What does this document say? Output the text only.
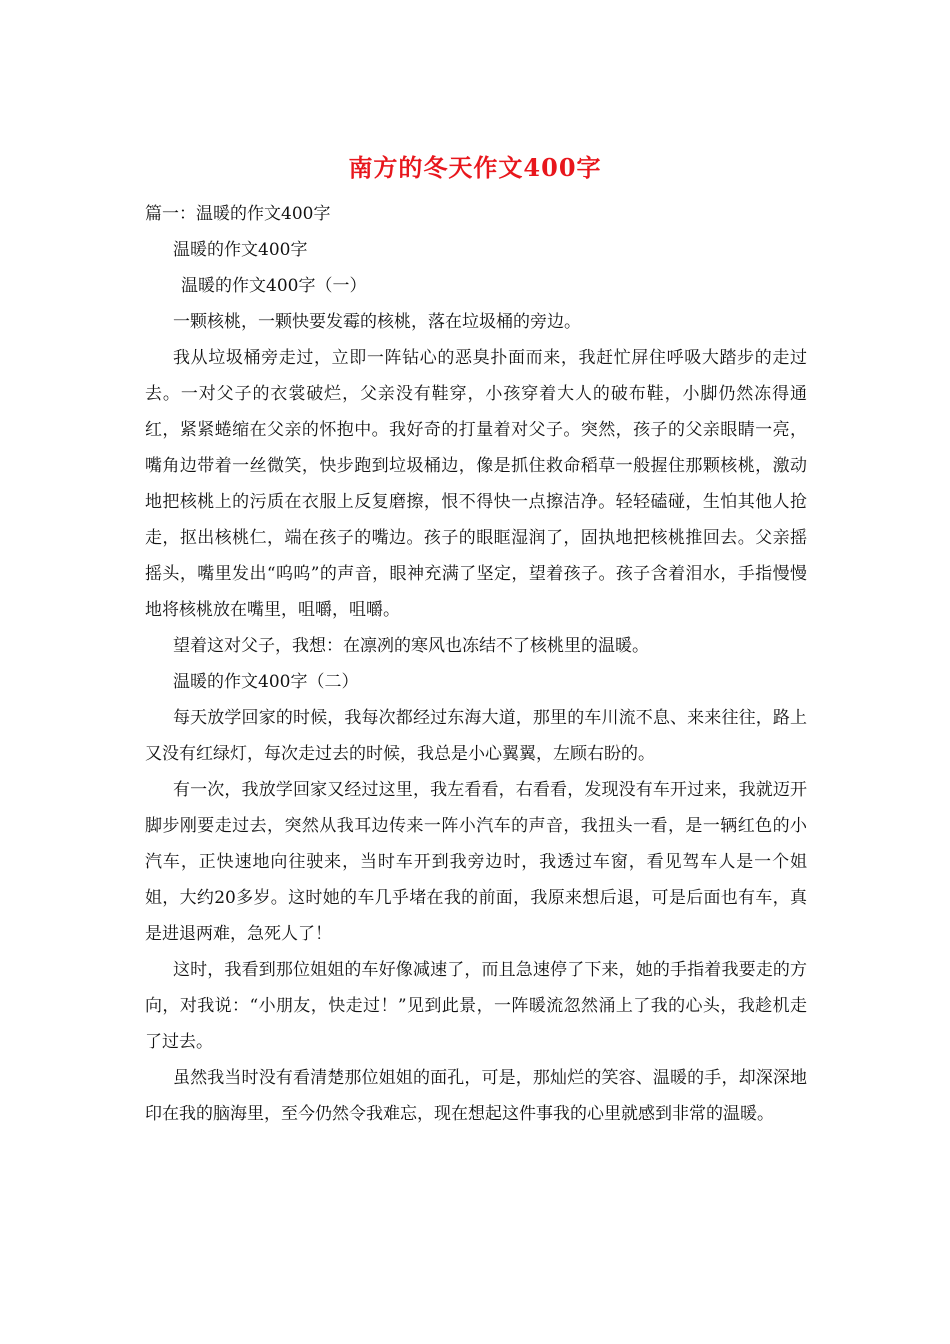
南方的冬天作文400字

篇一：温暖的作文400字

温暖的作文400字

温暖的作文400字（一）

一颗核桃，一颗快要发霉的核桃，落在垃圾桶的旁边。

我从垃圾桶旁走过，立即一阵钻心的恶臭扑面而来，我赶忙屏住呼吸大踏步的走过去。一对父子的衣裳破烂，父亲没有鞋穿，小孩穿着大人的破布鞋，小脚仍然冻得通红，紧紧蜷缩在父亲的怀抱中。我好奇的打量着对父子。突然，孩子的父亲眼睛一亮，嘴角边带着一丝微笑，快步跑到垃圾桶边，像是抓住救命稻草一般握住那颗核桃，激动地把核桃上的污质在衣服上反复磨擦，恨不得快一点擦洁净。轻轻磕碰，生怕其他人抢走，抠出核桃仁，端在孩子的嘴边。孩子的眼眶湿润了，固执地把核桃推回去。父亲摇摇头，嘴里发出“呜呜”的声音，眼神充满了坚定，望着孩子。孩子含着泪水，手指慢慢地将核桃放在嘴里，咀嚼，咀嚼。

望着这对父子，我想：在凛冽的寒风也冻结不了核桃里的温暖。

温暖的作文400字（二）

每天放学回家的时候，我每次都经过东海大道，那里的车川流不息、来来往往，路上又没有红绿灯，每次走过去的时候，我总是小心翼翼，左顾右盼的。

有一次，我放学回家又经过这里，我左看看，右看看，发现没有车开过来，我就迈开脚步刚要走过去，突然从我耳边传来一阵小汽车的声音，我扭头一看，是一辆红色的小汽车，正快速地向往驶来，当时车开到我旁边时，我透过车窗，看见驾车人是一个姐姐，大约20多岁。这时她的车几乎堵在我的前面，我原来想后退，可是后面也有车，真是进退两难，急死人了！

这时，我看到那位姐姐的车好像减速了，而且急速停了下来，她的手指着我要走的方向，对我说：“小朋友，快走过！”见到此景，一阵暖流忽然涌上了我的心头，我趁机走了过去。

虽然我当时没有看清楚那位姐姐的面孔，可是，那灿烂的笑容、温暖的手，却深深地印在我的脑海里，至今仍然令我难忘，现在想起这件事我的心里就感到非常的温暖。
